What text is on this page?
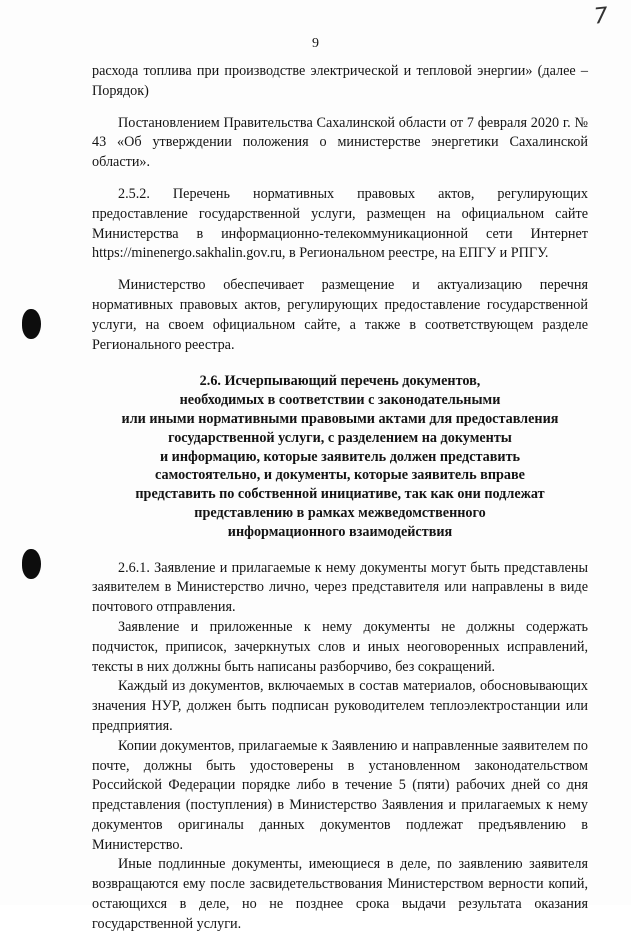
7

9

расхода топлива при производстве электрической и тепловой энергии» (далее – Порядок)

Постановлением Правительства Сахалинской области от 7 февраля 2020 г. № 43 «Об утверждении положения о министерстве энергетики Сахалинской области».

2.5.2. Перечень нормативных правовых актов, регулирующих предоставление государственной услуги, размещен на официальном сайте Министерства в информационно-телекоммуникационной сети Интернет https://minenergo.sakhalin.gov.ru, в Региональном реестре, на ЕПГУ и РПГУ.

Министерство обеспечивает размещение и актуализацию перечня нормативных правовых актов, регулирующих предоставление государственной услуги, на своем официальном сайте, а также в соответствующем разделе Регионального реестра.

2.6. Исчерпывающий перечень документов,
необходимых в соответствии с законодательными
или иными нормативными правовыми актами для предоставления
государственной услуги, с разделением на документы
и информацию, которые заявитель должен представить
самостоятельно, и документы, которые заявитель вправе
представить по собственной инициативе, так как они подлежат
представлению в рамках межведомственного
информационного взаимодействия

2.6.1. Заявление и прилагаемые к нему документы могут быть представлены заявителем в Министерство лично, через представителя или направлены в виде почтового отправления.

Заявление и приложенные к нему документы не должны содержать подчисток, приписок, зачеркнутых слов и иных неоговоренных исправлений, тексты в них должны быть написаны разборчиво, без сокращений.

Каждый из документов, включаемых в состав материалов, обосновывающих значения НУР, должен быть подписан руководителем теплоэлектростанции или предприятия.

Копии документов, прилагаемые к Заявлению и направленные заявителем по почте, должны быть удостоверены в установленном законодательством Российской Федерации порядке либо в течение 5 (пяти) рабочих дней со дня представления (поступления) в Министерство Заявления и прилагаемых к нему документов оригиналы данных документов подлежат предъявлению в Министерство.

Иные подлинные документы, имеющиеся в деле, по заявлению заявителя возвращаются ему после засвидетельствования Министерством верности копий, остающихся в деле, но не позднее срока выдачи результата оказания государственной услуги.
